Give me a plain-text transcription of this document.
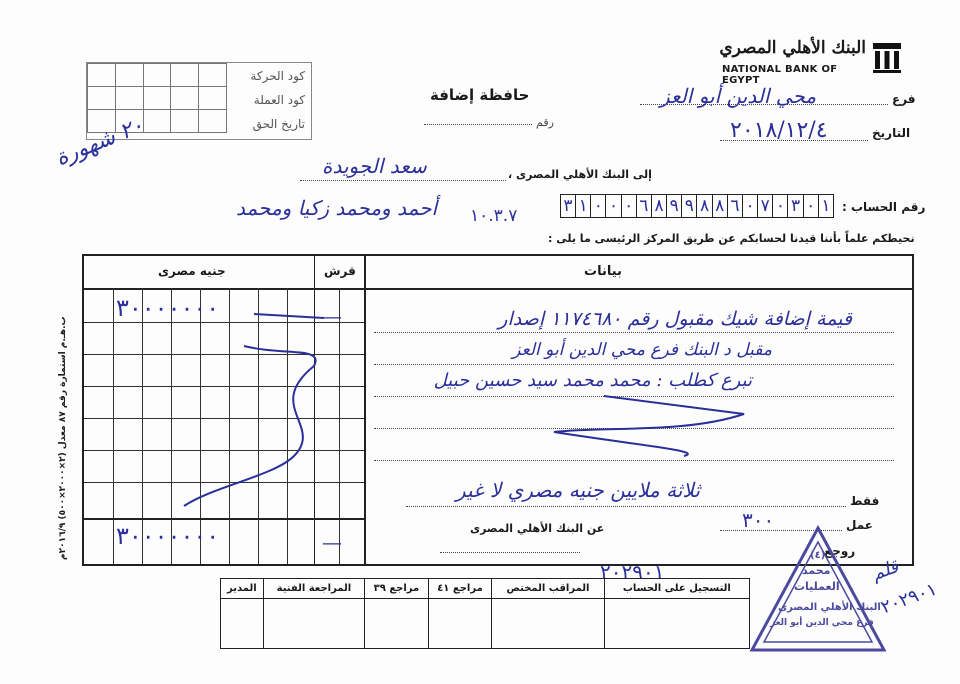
البنك الأهلي المصري
NATIONAL BANK OF EGYPT

كود الحركة
كود العملة
تاريخ الحق
حافظة إضافة
رقم
فرع
محي الدين أبو العز
التاريخ
٢٠١٨/١٢/٤
٢٠ شهورة
إلى البنك الأهلي المصرى ،
سعد الجويدة
رقم الحساب :
١
٠
٣
٠
٧
٠
٦
٨
٨
٩
٩
٨
٦
٠
٠
٠
١
٣
١٠.٣.٧
أحمد ومحمد زكيا ومحمد
نحيطكم علماً بأننا قيدنا لحسابكم عن طريق المركز الرئيسى ما يلى :
بيانات
قرش
جنيه مصرى
قيمة إضافة شيك مقبول رقم ١١٧٤٦٨٠ إصدار
مقبل د البنك فرع محي الدين أبو العز
تبرع كطلب : محمد محمد سيد حسين حبيل
٣٠٠٠٠٠٠٠	—
٣٠٠٠٠٠٠٠	—
فقط
ثلاثة ملايين جنيه مصري لا غير
عمل
٣٠٠
عن البنك الأهلي المصرى
روجع
٢٠٢٩٠١
ب.هـ.م استمارة رقم ٨٧ معدل (٢×٢٠٠٠×٥٠٠) ٢٠١٦/٩م
المدير	المراجعة الفنية	مراجع ٣٩	مراجع ٤١	المراقب المختص	التسجيل على الحساب

(٤)
محمد
العمليات
البنك الأهلي المصرى
فرع محي الدين أبو العز
قلم
٢٠٢٩٠١
